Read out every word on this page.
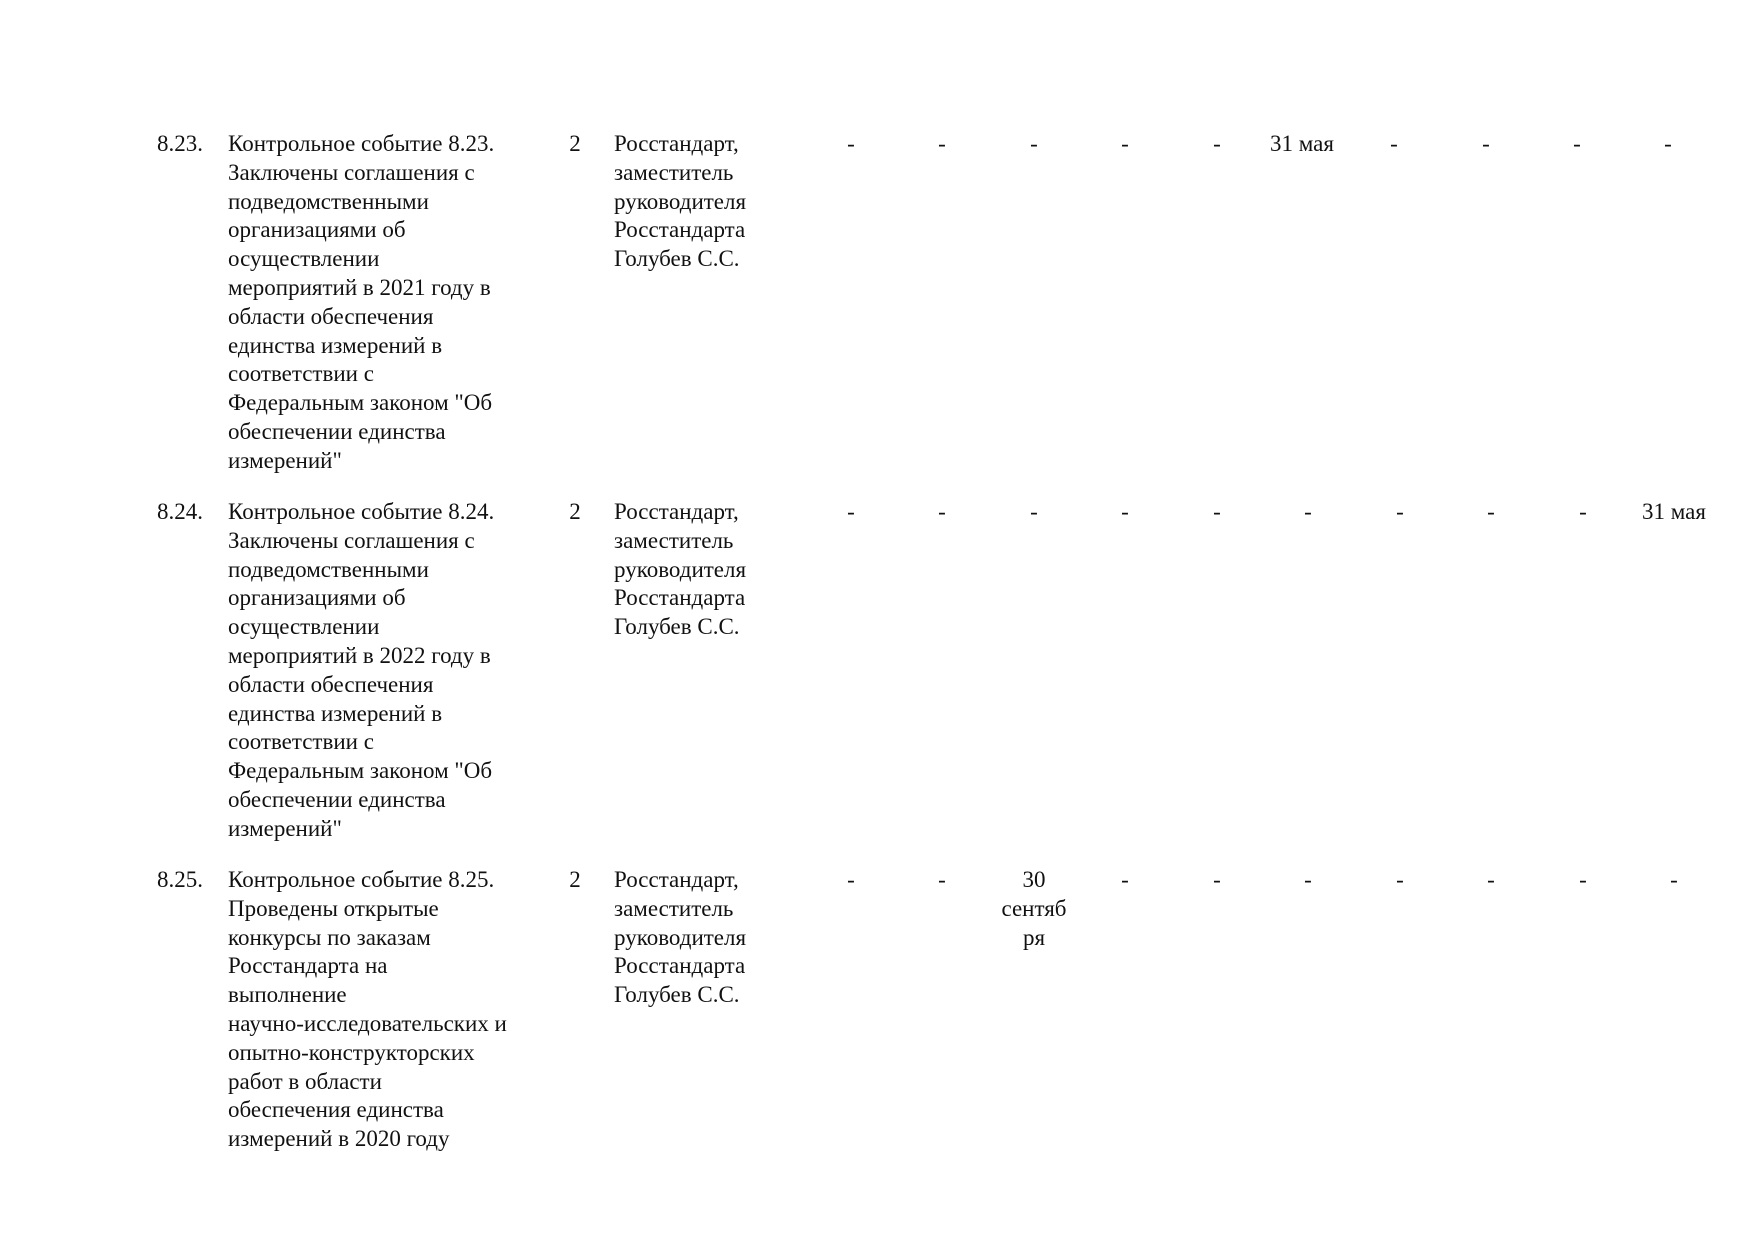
8.23.	Контрольное событие 8.23.
Заключены соглашения с
подведомственными
организациями об
осуществлении
мероприятий в 2021 году в
области обеспечения
единства измерений в
соответствии с
Федеральным законом "Об
обеспечении единства
измерений"
2	Росстандарт,
заместитель
руководителя
Росстандарта
Голубев С.С.
-	-	-	-	-	31 мая	-	-	-	-
8.24.	Контрольное событие 8.24.
Заключены соглашения с
подведомственными
организациями об
осуществлении
мероприятий в 2022 году в
области обеспечения
единства измерений в
соответствии с
Федеральным законом "Об
обеспечении единства
измерений"
2	Росстандарт,
заместитель
руководителя
Росстандарта
Голубев С.С.
-	-	-	-	-	-	-	-	-	31 мая
8.25.	Контрольное событие 8.25.
Проведены открытые
конкурсы по заказам
Росстандарта на
выполнение
научно-исследовательских и
опытно-конструкторских
работ в области
обеспечения единства
измерений в 2020 году
2	Росстандарт,
заместитель
руководителя
Росстандарта
Голубев С.С.
-	-	30
сентяб
ря
-	-	-	-	-	-	-
